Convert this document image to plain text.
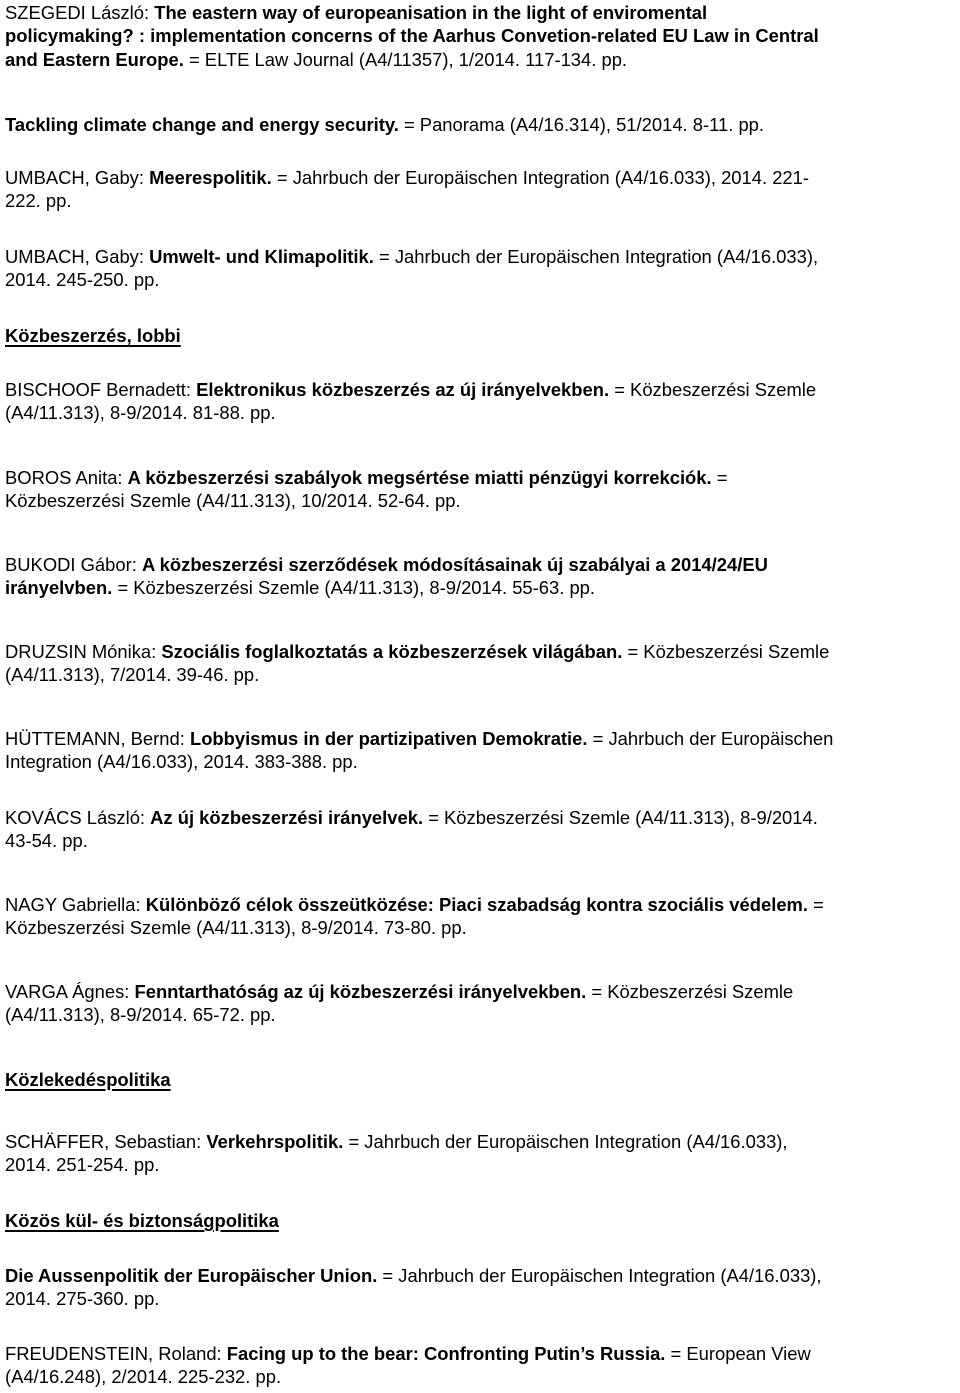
SZEGEDI László: The eastern way of europeanisation in the light of enviromental
policymaking? : implementation concerns of the Aarhus Convetion-related EU Law in Central
and Eastern Europe. = ELTE Law Journal (A4/11357), 1/2014. 117-134. pp.

Tackling climate change and energy security. = Panorama (A4/16.314), 51/2014. 8-11. pp.

UMBACH, Gaby: Meerespolitik. = Jahrbuch der Europäischen Integration (A4/16.033), 2014. 221-
222. pp.

UMBACH, Gaby: Umwelt- und Klimapolitik. = Jahrbuch der Europäischen Integration (A4/16.033),
2014. 245-250. pp.

Közbeszerzés, lobbi

BISCHOOF Bernadett: Elektronikus közbeszerzés az új irányelvekben. = Közbeszerzési Szemle
(A4/11.313), 8-9/2014. 81-88. pp.

BOROS Anita: A közbeszerzési szabályok megsértése miatti pénzügyi korrekciók. =
Közbeszerzési Szemle (A4/11.313), 10/2014. 52-64. pp.

BUKODI Gábor: A közbeszerzési szerződések módosításainak új szabályai a 2014/24/EU
irányelvben. = Közbeszerzési Szemle (A4/11.313), 8-9/2014. 55-63. pp.

DRUZSIN Mónika: Szociális foglalkoztatás a közbeszerzések világában. = Közbeszerzési Szemle
(A4/11.313), 7/2014. 39-46. pp.

HÜTTEMANN, Bernd: Lobbyismus in der partizipativen Demokratie. = Jahrbuch der Europäischen
Integration (A4/16.033), 2014. 383-388. pp.

KOVÁCS László: Az új közbeszerzési irányelvek. = Közbeszerzési Szemle (A4/11.313), 8-9/2014.
43-54. pp.

NAGY Gabriella: Különböző célok összeütközése: Piaci szabadság kontra szociális védelem. =
Közbeszerzési Szemle (A4/11.313), 8-9/2014. 73-80. pp.

VARGA Ágnes: Fenntarthatóság az új közbeszerzési irányelvekben. = Közbeszerzési Szemle
(A4/11.313), 8-9/2014. 65-72. pp.

Közlekedéspolitika

SCHÄFFER, Sebastian: Verkehrspolitik. = Jahrbuch der Europäischen Integration (A4/16.033),
2014. 251-254. pp.

Közös kül- és biztonságpolitika

Die Aussenpolitik der Europäischer Union. = Jahrbuch der Europäischen Integration (A4/16.033),
2014. 275-360. pp.

FREUDENSTEIN, Roland: Facing up to the bear: Confronting Putin’s Russia. = European View
(A4/16.248), 2/2014. 225-232. pp.
